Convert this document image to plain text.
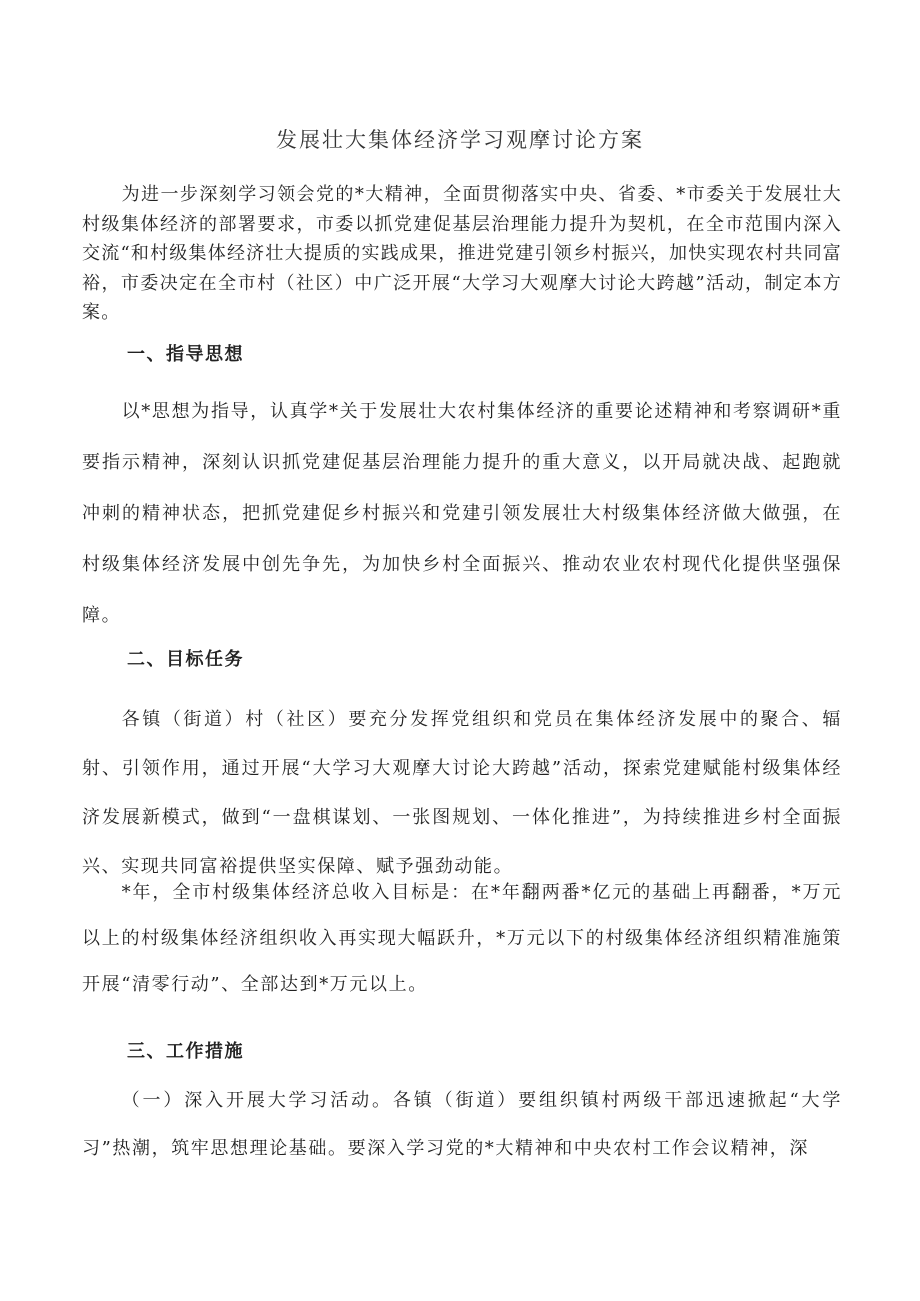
发展壮大集体经济学习观摩讨论方案

为进一步深刻学习领会党的*大精神，全面贯彻落实中央、省委、*市委关于发展壮大村级集体经济的部署要求，市委以抓党建促基层治理能力提升为契机，在全市范围内深入交流“和村级集体经济壮大提质的实践成果，推进党建引领乡村振兴，加快实现农村共同富裕，市委决定在全市村（社区）中广泛开展“大学习大观摩大讨论大跨越”活动，制定本方案。

一、指导思想

以*思想为指导，认真学*关于发展壮大农村集体经济的重要论述精神和考察调研*重要指示精神，深刻认识抓党建促基层治理能力提升的重大意义，以开局就决战、起跑就冲刺的精神状态，把抓党建促乡村振兴和党建引领发展壮大村级集体经济做大做强，在村级集体经济发展中创先争先，为加快乡村全面振兴、推动农业农村现代化提供坚强保障。

二、目标任务

各镇（街道）村（社区）要充分发挥党组织和党员在集体经济发展中的聚合、辐射、引领作用，通过开展“大学习大观摩大讨论大跨越”活动，探索党建赋能村级集体经济发展新模式，做到“一盘棋谋划、一张图规划、一体化推进”，为持续推进乡村全面振兴、实现共同富裕提供坚实保障、赋予强劲动能。

*年，全市村级集体经济总收入目标是：在*年翻两番*亿元的基础上再翻番，*万元以上的村级集体经济组织收入再实现大幅跃升，*万元以下的村级集体经济组织精准施策开展“清零行动”、全部达到*万元以上。

三、工作措施

（一）深入开展大学习活动。各镇（街道）要组织镇村两级干部迅速掀起“大学习”热潮，筑牢思想理论基础。要深入学习党的*大精神和中央农村工作会议精神，深
